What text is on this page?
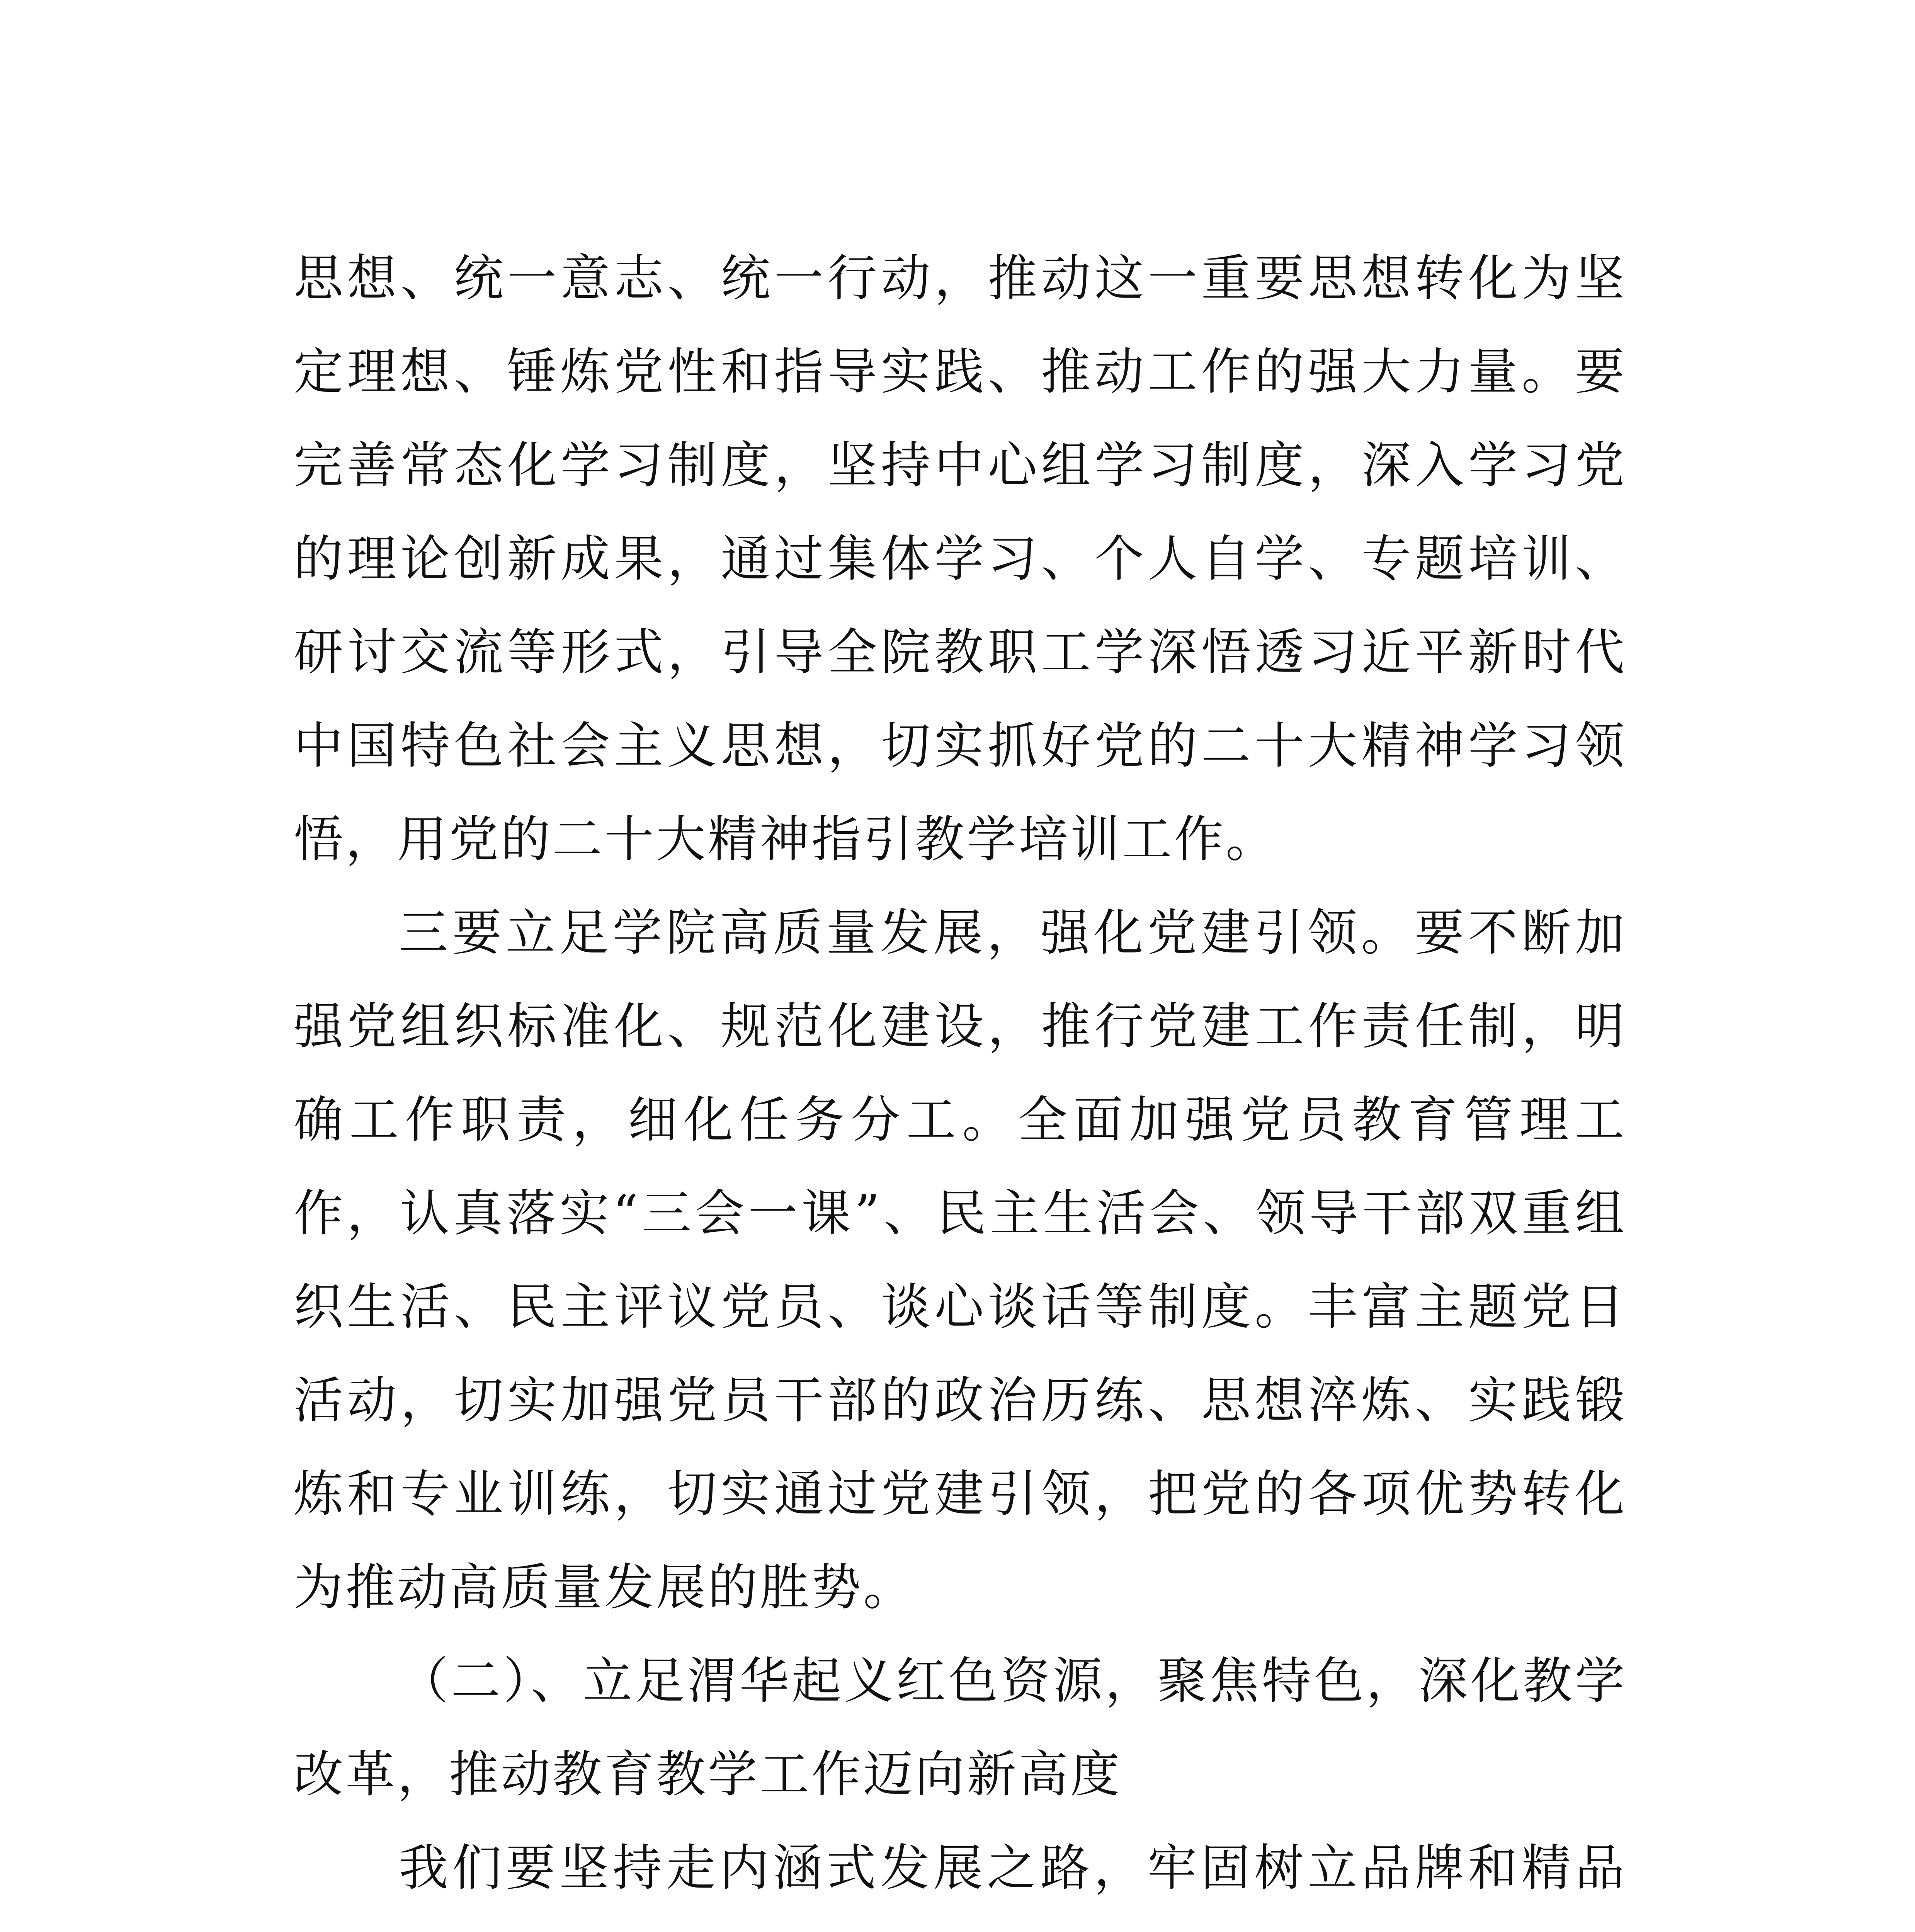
思想、统一意志、统一行动，推动这一重要思想转化为坚定理想、锤炼党性和指导实践、推动工作的强大力量。要完善常态化学习制度，坚持中心组学习制度，深入学习党的理论创新成果，通过集体学习、个人自学、专题培训、研讨交流等形式，引导全院教职工学深悟透习近平新时代中国特色社会主义思想，切实抓好党的二十大精神学习领悟，用党的二十大精神指引教学培训工作。

三要立足学院高质量发展，强化党建引领。要不断加强党组织标准化、规范化建设，推行党建工作责任制，明确工作职责，细化任务分工。全面加强党员教育管理工作，认真落实“三会一课”、民主生活会、领导干部双重组织生活、民主评议党员、谈心谈话等制度。丰富主题党日活动，切实加强党员干部的政治历练、思想淬炼、实践锻炼和专业训练，切实通过党建引领，把党的各项优势转化为推动高质量发展的胜势。

（二）、立足渭华起义红色资源，聚焦特色，深化教学改革，推动教育教学工作迈向新高度

我们要坚持走内涵式发展之路，牢固树立品牌和精品
